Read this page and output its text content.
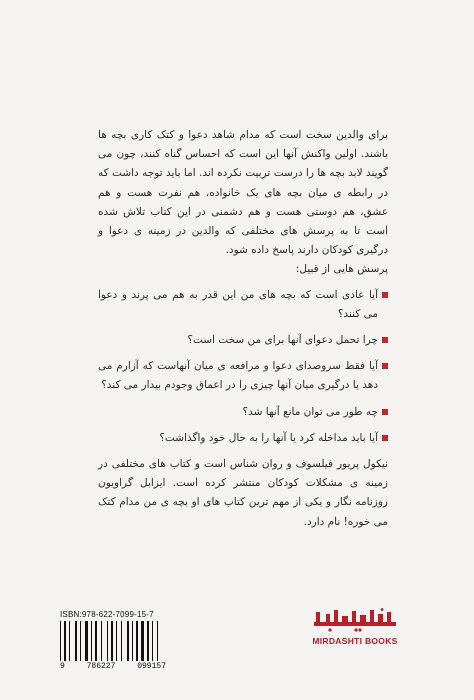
برای والدین سخت است که مدام شاهد دعوا و کتک کاری بچه ها باشند. اولین واکنش آنها این است که احساس گناه کنند، چون می گویند لابد بچه ها را درست تربیت نکرده اند. اما باید توجه داشت که در رابطه ی میان بچه های یک خانواده، هم نفرت هست و هم عشق، هم دوستی هست و هم دشمنی در این کتاب تلاش شده است تا به پرسش های مختلفی که والدین در زمینه ی دعوا و درگیری کودکان دارند پاسخ داده شود.

پرسش هایی از قبیل:

آیا عادی است که بچه های من این قدر به هم می پرند و دعوا می کنند؟
چرا تحمل دعوای آنها برای من سخت است؟
آیا فقط سروصدای دعوا و مرافعه ی میان آنهاست که آزارم می دهد یا درگیری میان آنها چیزی را در اعماق وجودم بیدار می کند؟
چه طور می توان مانع آنها شد؟
آیا باید مداخله کرد یا آنها را به حال خود واگذاشت؟

نیکول پریور فیلسوف و روان شناس است و کتاب های مختلفی در زمینه ی مشکلات کودکان منتشر کرده است. ایزابل گراویون روزنامه نگار و یکی از مهم ترین کتاب های او بچه ی من مدام کتک می خوره! نام دارد.

ISBN:978-622-7099-15-7
9	786227	099157
MIRDASHTI BOOKS
